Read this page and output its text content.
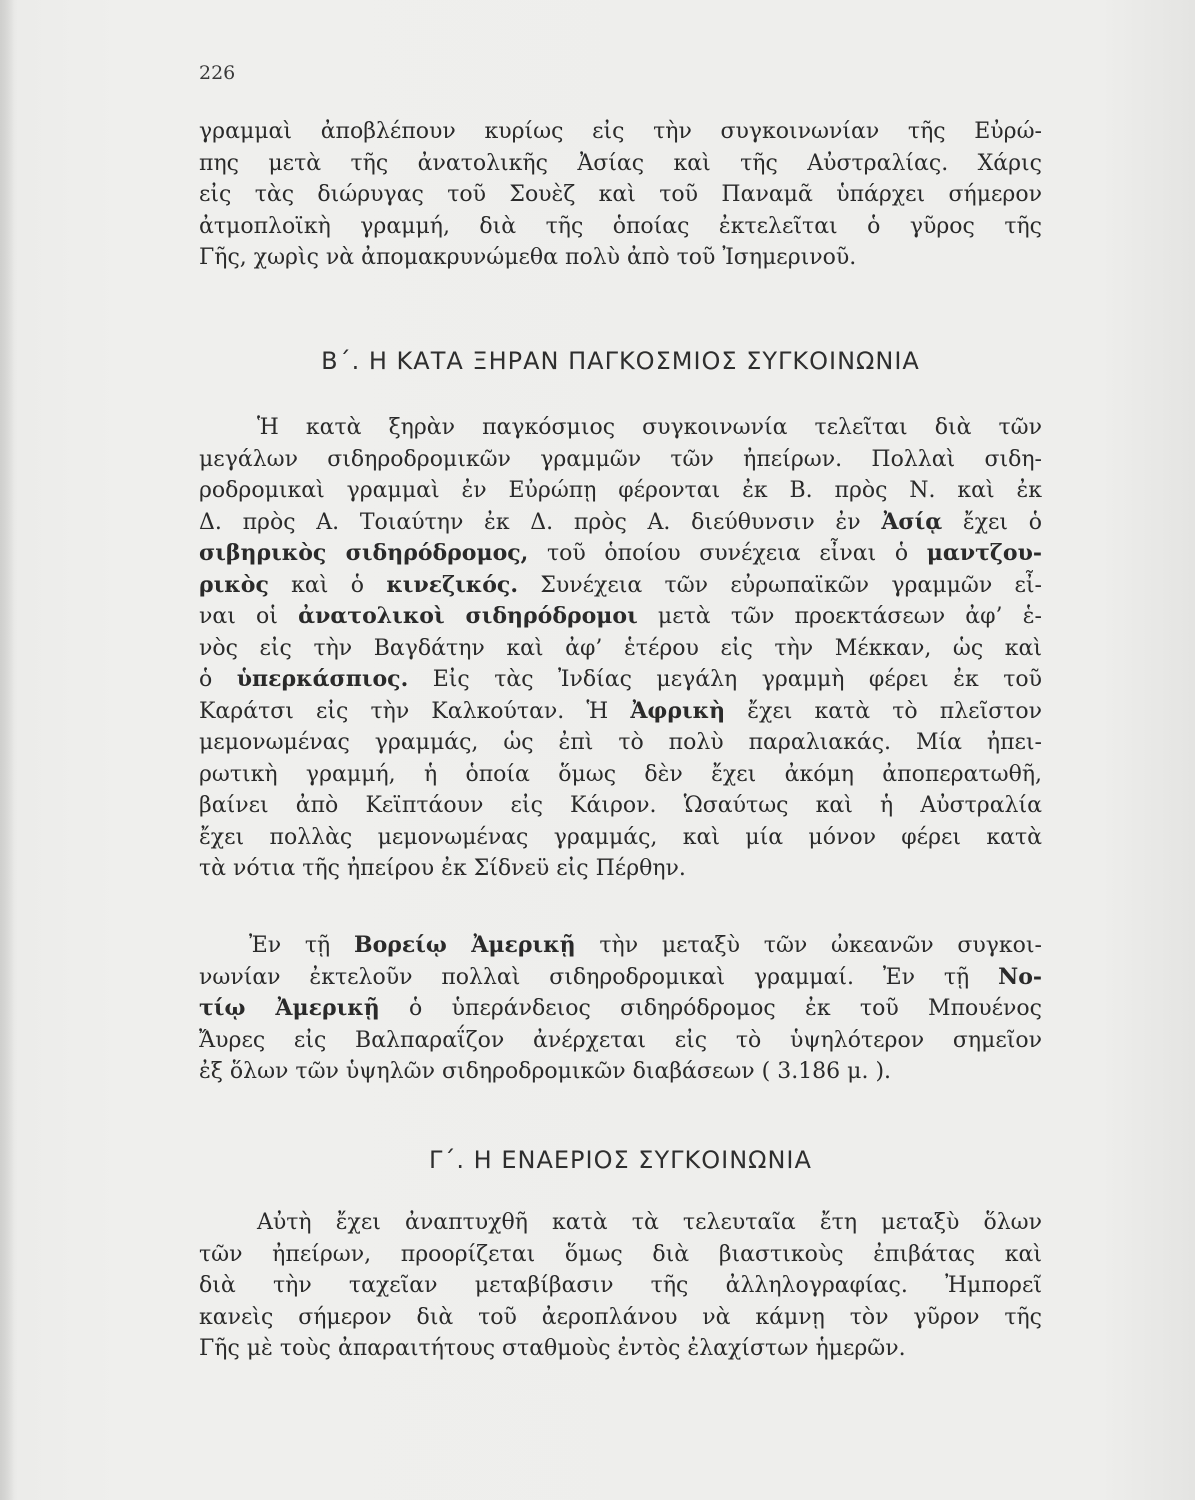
226
γραμμαὶ ἀποβλέπουν κυρίως εἰς τὴν συγκοινωνίαν τῆς Εὐρώ-
πης μετὰ τῆς ἀνατολικῆς Ἀσίας καὶ τῆς Αὐστραλίας. Χάρις
εἰς τὰς διώρυγας τοῦ Σουὲζ καὶ τοῦ Παναμᾶ ὑπάρχει σήμερον
ἀτμοπλοϊκὴ γραμμή, διὰ τῆς ὁποίας ἐκτελεῖται ὁ γῦρος τῆς
Γῆς, χωρὶς νὰ ἀπομακρυνώμεθα πολὺ ἀπὸ τοῦ Ἰσημερινοῦ.
Β΄. Η ΚΑΤΑ ΞΗΡΑΝ ΠΑΓΚΟΣΜΙΟΣ ΣΥΓΚΟΙΝΩΝΙΑ
Ἡ κατὰ ξηρὰν παγκόσμιος συγκοινωνία τελεῖται διὰ τῶν
μεγάλων σιδηροδρομικῶν γραμμῶν τῶν ἠπείρων. Πολλαὶ σιδη-
ροδρομικαὶ γραμμαὶ ἐν Εὐρώπῃ φέρονται ἐκ Β. πρὸς Ν. καὶ ἐκ
Δ. πρὸς Α. Τοιαύτην ἐκ Δ. πρὸς Α. διεύθυνσιν ἐν Ἀσίᾳ ἔχει ὁ
σιβηρικὸς σιδηρόδρομος, τοῦ ὁποίου συνέχεια εἶναι ὁ μαντζου-
ρικὸς καὶ ὁ κινεζικός. Συνέχεια τῶν εὐρωπαϊκῶν γραμμῶν εἶ-
ναι οἱ ἀνατολικοὶ σιδηρόδρομοι μετὰ τῶν προεκτάσεων ἀφ’ ἑ-
νὸς εἰς τὴν Βαγδάτην καὶ ἀφ’ ἑτέρου εἰς τὴν Μέκκαν, ὡς καὶ
ὁ ὑπερκάσπιος. Εἰς τὰς Ἰνδίας μεγάλη γραμμὴ φέρει ἐκ τοῦ
Καράτσι εἰς τὴν Καλκούταν. Ἡ Ἀφρικὴ ἔχει κατὰ τὸ πλεῖστον
μεμονωμένας γραμμάς, ὡς ἐπὶ τὸ πολὺ παραλιακάς. Μία ἠπει-
ρωτικὴ γραμμή, ἡ ὁποία ὅμως δὲν ἔχει ἀκόμη ἀποπερατωθῆ,
βαίνει ἀπὸ Κεϊπτάουν εἰς Κάιρον. Ὡσαύτως καὶ ἡ Αὐστραλία
ἔχει πολλὰς μεμονωμένας γραμμάς, καὶ μία μόνον φέρει κατὰ
τὰ νότια τῆς ἠπείρου ἐκ Σίδνεϋ εἰς Πέρθην.
Ἐν τῇ Βορείῳ Ἀμερικῇ τὴν μεταξὺ τῶν ὠκεανῶν συγκοι-
νωνίαν ἐκτελοῦν πολλαὶ σιδηροδρομικαὶ γραμμαί. Ἐν τῇ Νο-
τίῳ Ἀμερικῇ ὁ ὑπεράνδειος σιδηρόδρομος ἐκ τοῦ Μπουένος
Ἄυρες εἰς Βαλπαραΐζον ἀνέρχεται εἰς τὸ ὑψηλότερον σημεῖον
ἐξ ὅλων τῶν ὑψηλῶν σιδηροδρομικῶν διαβάσεων ( 3.186 μ. ).
Γ΄. Η ΕΝΑΕΡΙΟΣ ΣΥΓΚΟΙΝΩΝΙΑ
Αὐτὴ ἔχει ἀναπτυχθῆ κατὰ τὰ τελευταῖα ἔτη μεταξὺ ὅλων
τῶν ἠπείρων, προορίζεται ὅμως διὰ βιαστικοὺς ἐπιβάτας καὶ
διὰ τὴν ταχεῖαν μεταβίβασιν τῆς ἀλληλογραφίας. Ἠμπορεῖ
κανεὶς σήμερον διὰ τοῦ ἀεροπλάνου νὰ κάμνῃ τὸν γῦρον τῆς
Γῆς μὲ τοὺς ἀπαραιτήτους σταθμοὺς ἐντὸς ἐλαχίστων ἡμερῶν.
